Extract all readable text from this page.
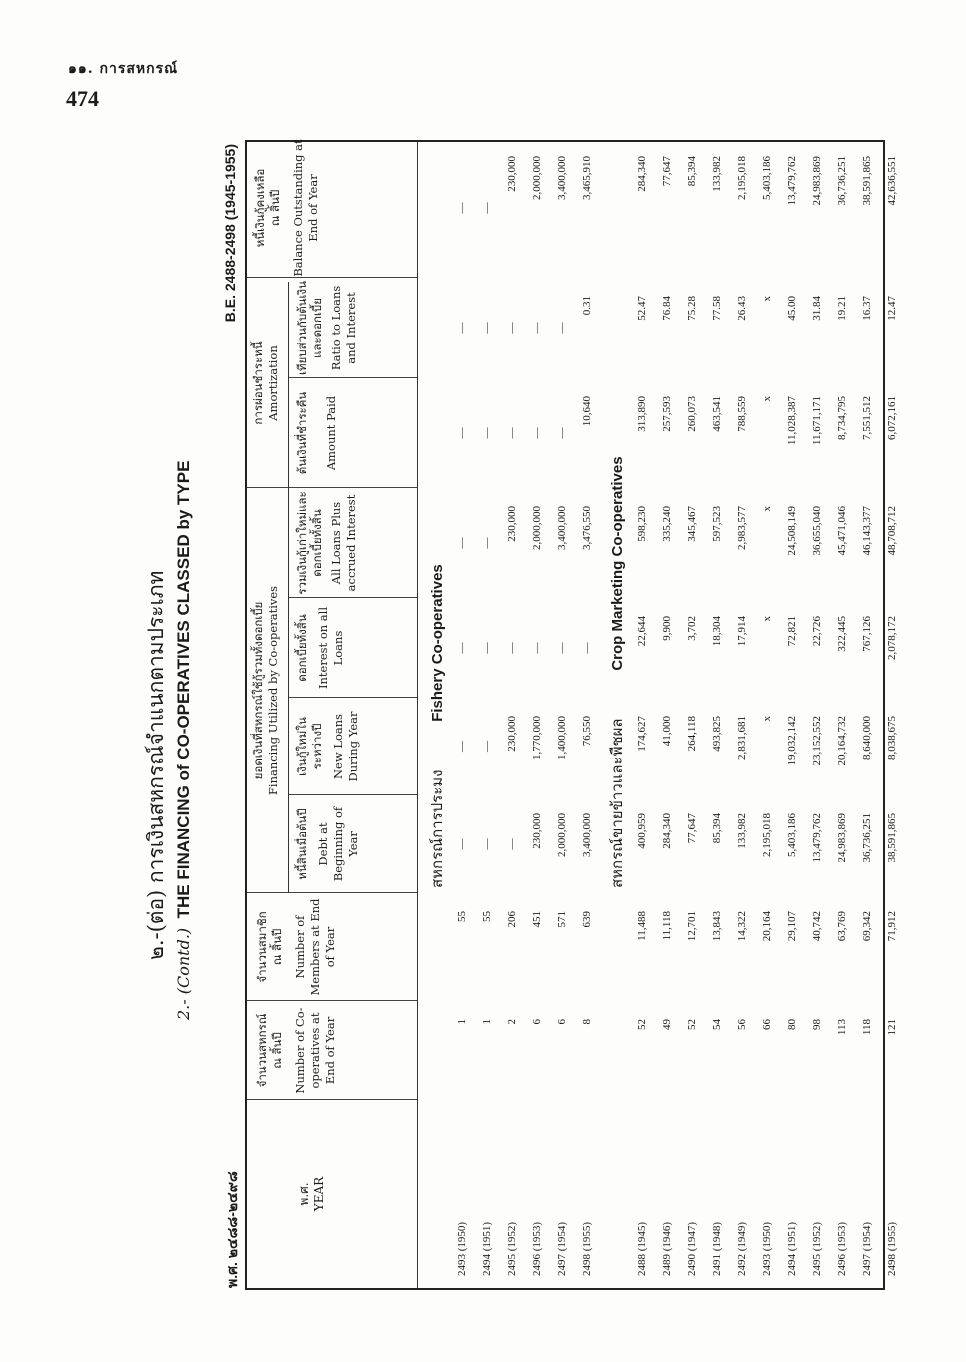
๑๑. การสหกรณ์
474
๒.-(ต่อ) การเงินสหกรณ์จำแนกตามประเภท
2.- (Contd.)  THE FINANCING of CO-OPERATIVES CLASSED by TYPE
พ.ศ. ๒๔๘๘-๒๔๙๘
B.E. 2488-2498 (1945-1955)
พ.ศ. YEAR
จำนวนสหกรณ์ ณ สิ้นปี Number of Co-operatives at End of Year
จำนวนสมาชิก ณ สิ้นปี Number of Members at End of Year
ยอดเงินที่สหกรณ์ใช้กู้รวมทั้งดอกเบี้ย Financing Utilized by Co-operatives
หนี้สินเมื่อต้นปี Debt at Beginning of Year
เงินกู้ใหม่ในระหว่างปี New Loans During Year
ดอกเบี้ยทั้งสิ้น Interest on all Loans
รวมเงินกู้เก่าใหม่และดอกเบี้ยทั้งสิ้น All Loans Plus accrued Interest
การผ่อนชำระหนี้ Amortization
ต้นเงินที่ชำระคืน Amount Paid
เทียบส่วนกับต้นเงินและดอกเบี้ย Ratio to Loans and Interest
หนี้เงินกู้คงเหลือ ณ สิ้นปี Balance Outstanding at End of Year
สหกรณ์การประมง          Fishery Co-operatives
2493 (1950)
1
55
—
—
—
—
—
—
—
2494 (1951)
1
55
—
—
—
—
—
—
—
2495 (1952)
2
206
—
230,000
—
230,000
—
—
230,000
2496 (1953)
6
451
230,000
1,770,000
—
2,000,000
—
—
2,000,000
2497 (1954)
6
571
2,000,000
1,400,000
—
3,400,000
—
—
3,400,000
2498 (1955)
8
639
3,400,000
76,550
—
3,476,550
10,640
0.31
3,465,910
สหกรณ์ขายข้าวและพืชผล          Crop Marketing Co-operatives
2488 (1945)
52
11,488
400,959
174,627
22,644
598,230
313,890
52.47
284,340
2489 (1946)
49
11,118
284,340
41,000
9,900
335,240
257,593
76.84
77,647
2490 (1947)
52
12,701
77,647
264,118
3,702
345,467
260,073
75.28
85,394
2491 (1948)
54
13,843
85,394
493,825
18,304
597,523
463,541
77.58
133,982
2492 (1949)
56
14,322
133,982
2,831,681
17,914
2,983,577
788,559
26.43
2,195,018
2493 (1950)
66
20,164
2,195,018
x
x
x
x
x
5,403,186
2494 (1951)
80
29,107
5,403,186
19,032,142
72,821
24,508,149
11,028,387
45.00
13,479,762
2495 (1952)
98
40,742
13,479,762
23,152,552
22,726
36,655,040
11,671,171
31.84
24,983,869
2496 (1953)
113
63,769
24,983,869
20,164,732
322,445
45,471,046
8,734,795
19.21
36,736,251
2497 (1954)
118
69,342
36,736,251
8,640,000
767,126
46,143,377
7,551,512
16.37
38,591,865
2498 (1955)
121
71,912
38,591,865
8,038,675
2,078,172
48,708,712
6,072,161
12.47
42,636,551
